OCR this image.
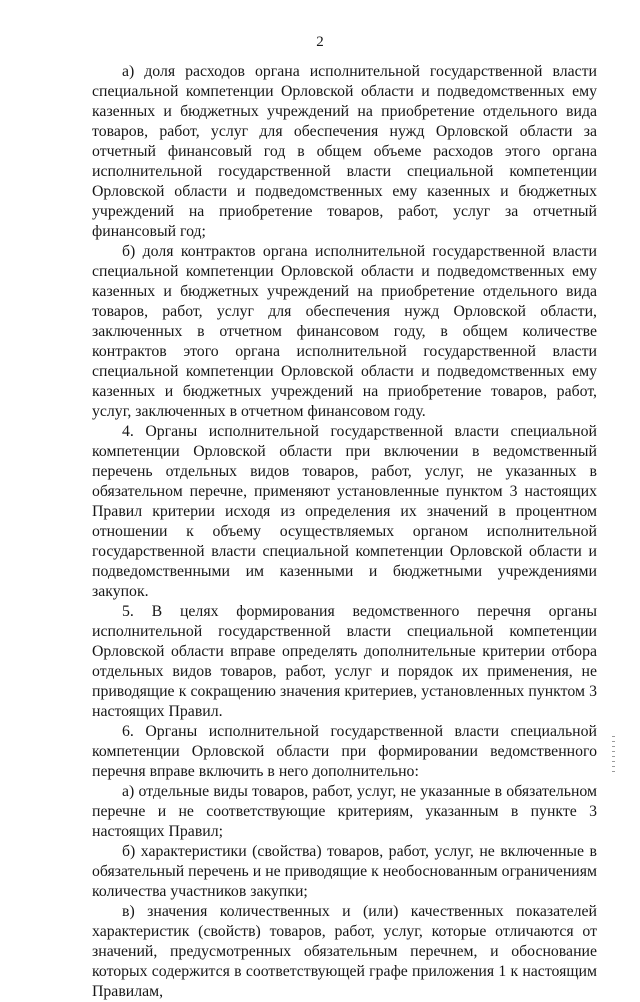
2

а) доля расходов органа исполнительной государственной власти специальной компетенции Орловской области и подведомственных ему казенных и бюджетных учреждений на приобретение отдельного вида товаров, работ, услуг для обеспечения нужд Орловской области за отчетный финансовый год в общем объеме расходов этого органа исполнительной государственной власти специальной компетенции Орловской области и подведомственных ему казенных и бюджетных учреждений на приобретение товаров, работ, услуг за отчетный финансовый год;

б) доля контрактов органа исполнительной государственной власти специальной компетенции Орловской области и подведомственных ему казенных и бюджетных учреждений на приобретение отдельного вида товаров, работ, услуг для обеспечения нужд Орловской области, заключенных в отчетном финансовом году, в общем количестве контрактов этого органа исполнительной государственной власти специальной компетенции Орловской области и подведомственных ему казенных и бюджетных учреждений на приобретение товаров, работ, услуг, заключенных в отчетном финансовом году.

4. Органы исполнительной государственной власти специальной компетенции Орловской области при включении в ведомственный перечень отдельных видов товаров, работ, услуг, не указанных в обязательном перечне, применяют установленные пунктом 3 настоящих Правил критерии исходя из определения их значений в процентном отношении к объему осуществляемых органом исполнительной государственной власти специальной компетенции Орловской области и подведомственными им казенными и бюджетными учреждениями закупок.

5. В целях формирования ведомственного перечня органы исполнительной государственной власти специальной компетенции Орловской области вправе определять дополнительные критерии отбора отдельных видов товаров, работ, услуг и порядок их применения, не приводящие к сокращению значения критериев, установленных пунктом 3 настоящих Правил.

6. Органы исполнительной государственной власти специальной компетенции Орловской области при формировании ведомственного перечня вправе включить в него дополнительно:

а) отдельные виды товаров, работ, услуг, не указанные в обязательном перечне и не соответствующие критериям, указанным в пункте 3 настоящих Правил;

б) характеристики (свойства) товаров, работ, услуг, не включенные в обязательный перечень и не приводящие к необоснованным ограничениям количества участников закупки;

в) значения количественных и (или) качественных показателей характеристик (свойств) товаров, работ, услуг, которые отличаются от значений, предусмотренных обязательным перечнем, и обоснование которых содержится в соответствующей графе приложения 1 к настоящим Правилам,
